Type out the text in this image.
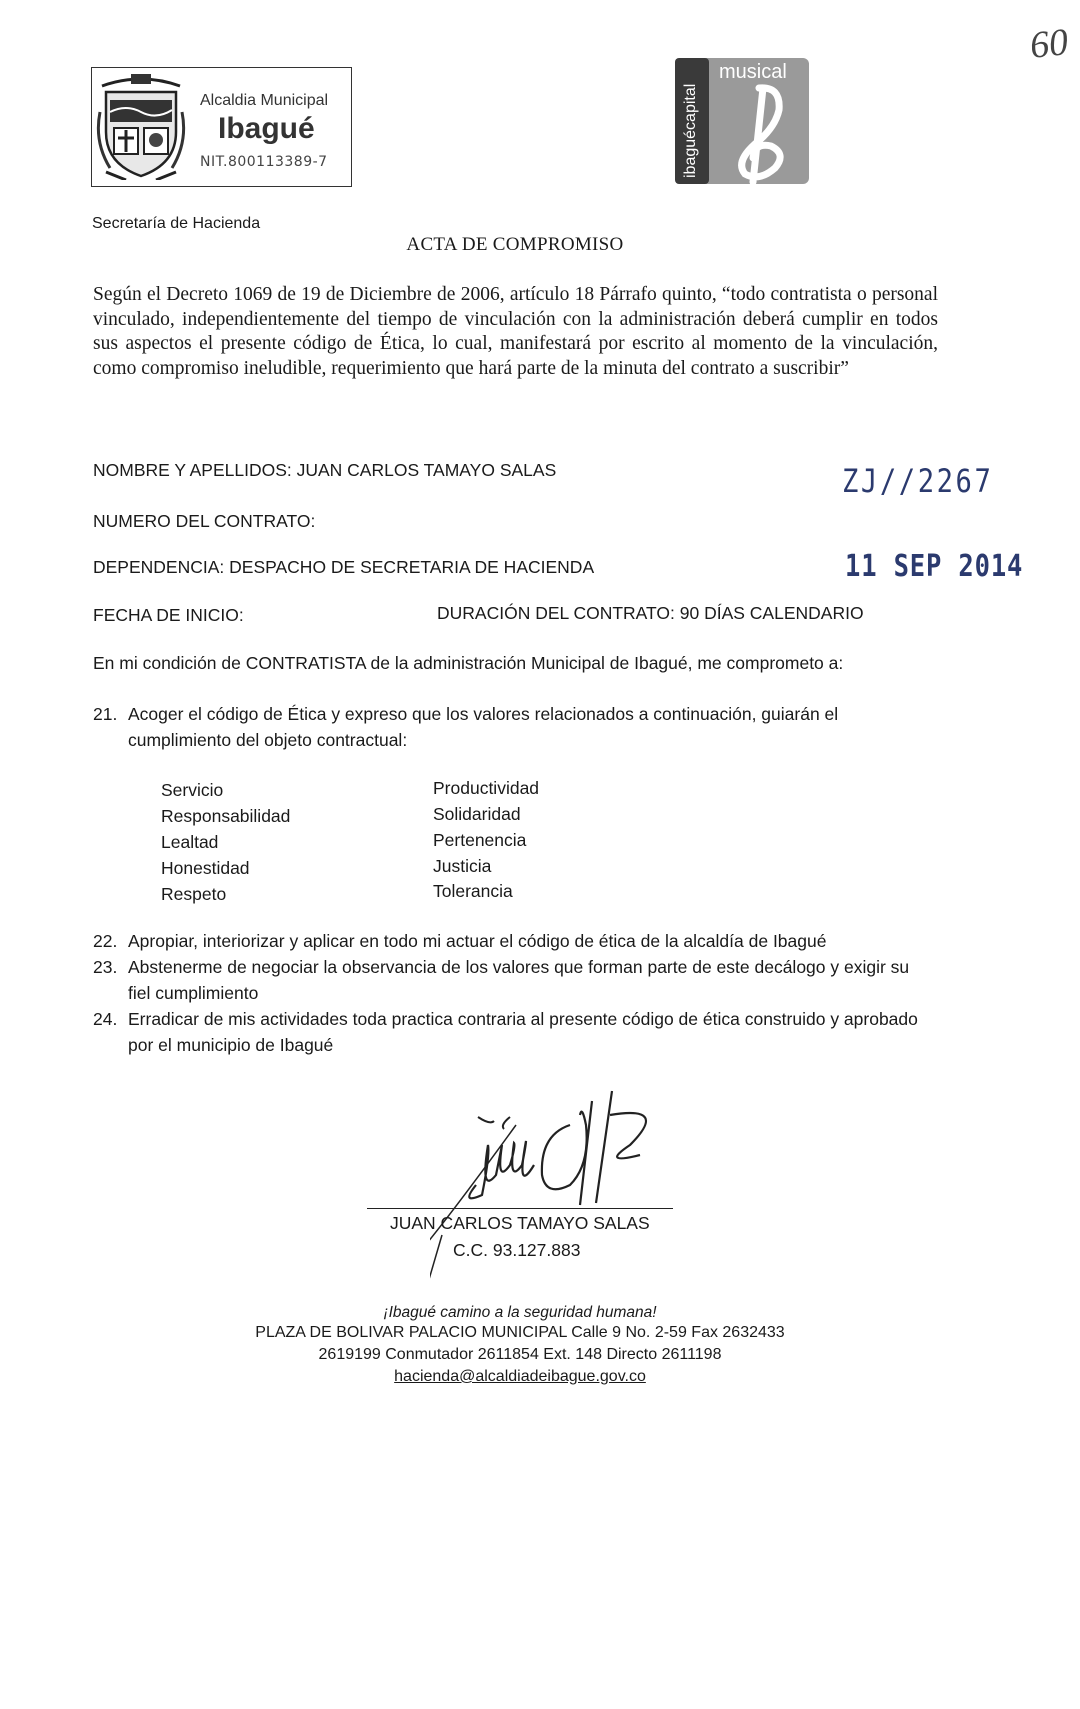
Alcaldia Municipal
Ibagué
NIT.800113389-7	ibaguécapital
musical
60
Secretaría de Hacienda
ACTA DE COMPROMISO
Según el Decreto 1069 de 19 de Diciembre de 2006, artículo 18 Párrafo quinto, “todo contratista o personal vinculado, independientemente del tiempo de vinculación con la administración deberá cumplir en todos sus aspectos el presente código de Ética, lo cual, manifestará por escrito al momento de la vinculación, como compromiso ineludible, requerimiento que hará parte de la minuta del contrato a suscribir”
NOMBRE Y APELLIDOS: JUAN CARLOS TAMAYO SALAS
NUMERO DEL CONTRATO:
DEPENDENCIA: DESPACHO DE SECRETARIA DE HACIENDA
FECHA DE INICIO:	DURACIÓN DEL CONTRATO: 90 DÍAS CALENDARIO
ZJ//2267
11 SEP 2014
En mi condición de CONTRATISTA de la administración Municipal de Ibagué, me comprometo a:
21. Acoger el código de Ética y expreso que los valores relacionados a continuación, guiarán el cumplimiento del objeto contractual:
Servicio
Responsabilidad
Lealtad
Honestidad
Respeto
Productividad
Solidaridad
Pertenencia
Justicia
Tolerancia
22. Apropiar, interiorizar y aplicar en todo mi actuar el código de ética de la alcaldía de Ibagué
23. Abstenerme de negociar la observancia de los valores que forman parte de este decálogo y exigir su fiel cumplimiento
24. Erradicar de mis actividades toda practica contraria al presente código de ética construido y aprobado por el municipio de Ibagué
JUAN CARLOS TAMAYO SALAS
C.C. 93.127.883
¡Ibagué camino a la seguridad humana!
PLAZA DE BOLIVAR PALACIO MUNICIPAL Calle 9 No. 2-59 Fax 2632433
2619199 Conmutador 2611854 Ext. 148 Directo 2611198
hacienda@alcaldiadeibague.gov.co
